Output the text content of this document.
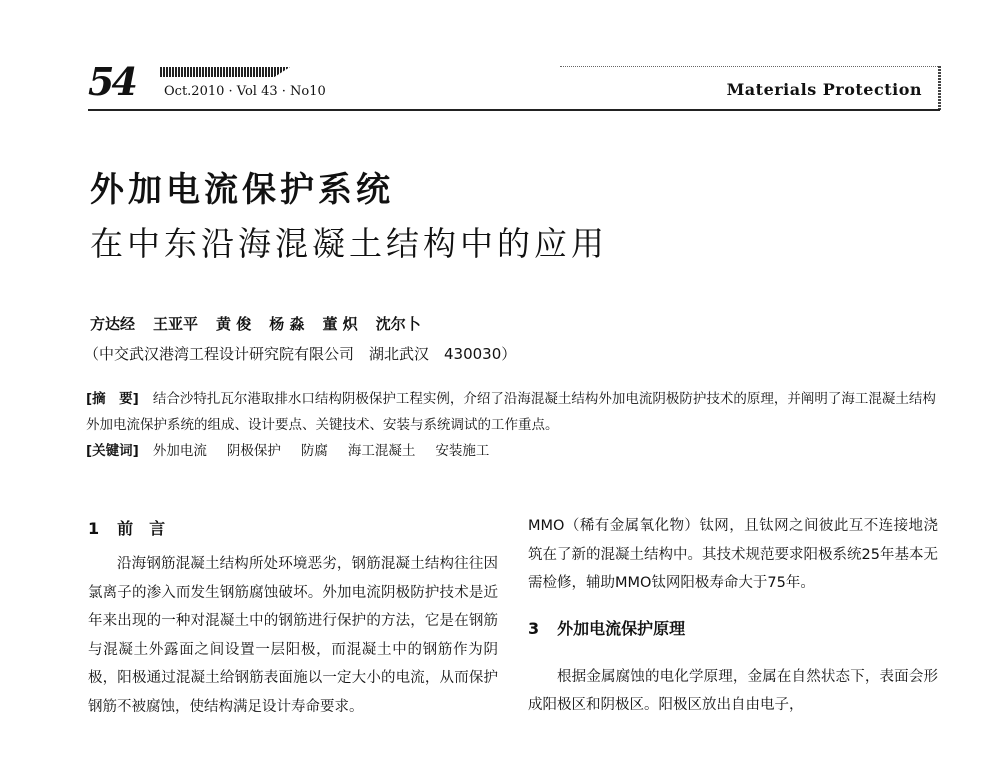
54 Oct.2010 · Vol 43 · No10	Materials Protection
外加电流保护系统
在中东沿海混凝土结构中的应用
方达经 王亚平 黄 俊 杨 淼 董 炽 沈尔卜
（中交武汉港湾工程设计研究院有限公司　湖北武汉　430030）

[摘　要] 结合沙特扎瓦尔港取排水口结构阴极保护工程实例，介绍了沿海混凝土结构外加电流阴极防护技术的原理，并阐明了海工混凝土结构外加电流保护系统的组成、设计要点、关键技术、安装与系统调试的工作重点。

[关键词] 外加电流 阴极保护 防腐 海工混凝土 安装施工

1 前　言

沿海钢筋混凝土结构所处环境恶劣，钢筋混凝土结构往往因氯离子的渗入而发生钢筋腐蚀破坏。外加电流阴极防护技术是近年来出现的一种对混凝土中的钢筋进行保护的方法，它是在钢筋与混凝土外露面之间设置一层阳极，而混凝土中的钢筋作为阴极，阳极通过混凝土给钢筋表面施以一定大小的电流，从而保护钢筋不被腐蚀，使结构满足设计寿命要求。

MMO（稀有金属氧化物）钛网，且钛网之间彼此互不连接地浇筑在了新的混凝土结构中。其技术规范要求阳极系统25年基本无需检修，辅助MMO钛网阳极寿命大于75年。

3 外加电流保护原理

根据金属腐蚀的电化学原理，金属在自然状态下，表面会形成阳极区和阴极区。阳极区放出自由电子，
